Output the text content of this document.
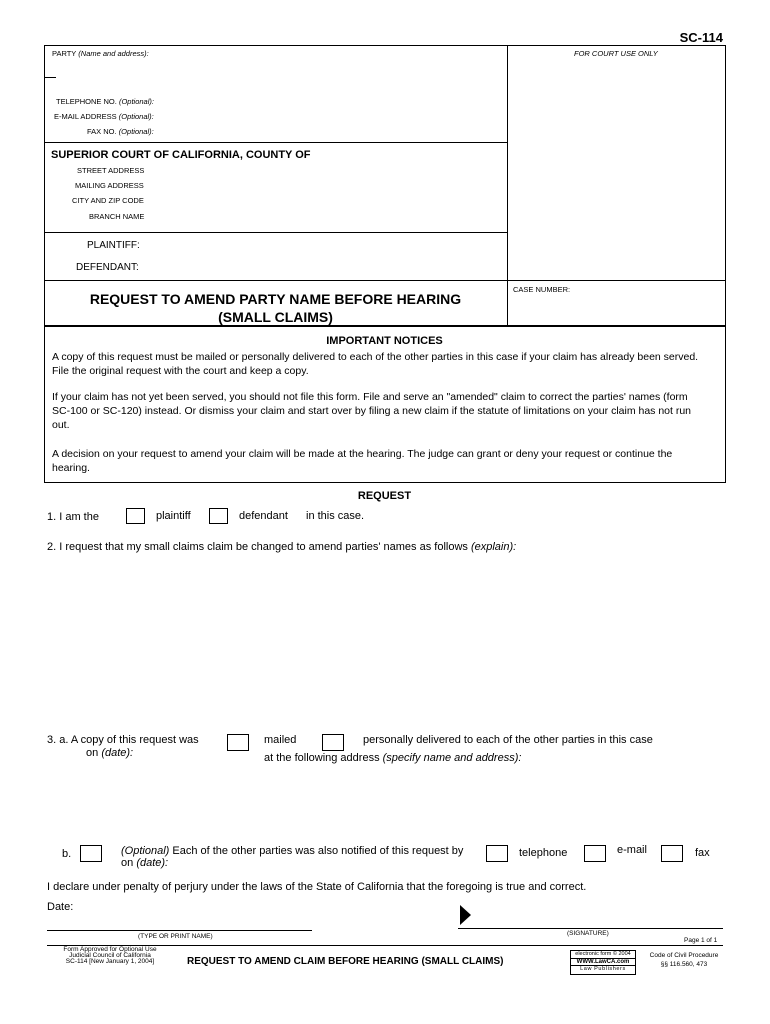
SC-114
PARTY (Name and address):	FOR COURT USE ONLY
TELEPHONE NO. (Optional):
E-MAIL ADDRESS (Optional):
FAX NO. (Optional):
SUPERIOR COURT OF CALIFORNIA, COUNTY OF
STREET ADDRESS
MAILING ADDRESS
CITY AND ZIP CODE
BRANCH NAME
PLAINTIFF:
DEFENDANT:
REQUEST TO AMEND PARTY NAME BEFORE HEARING
(SMALL CLAIMS)
CASE NUMBER:
IMPORTANT NOTICES
A copy of this request must be mailed or personally delivered to each of the other parties in this case if your claim has already been served. File the original request with the court and keep a copy.
If your claim has not yet been served, you should not file this form. File and serve an "amended" claim to correct the parties' names (form SC-100 or SC-120) instead. Or dismiss your claim and start over by filing a new claim if the statute of limitations on your claim has not run out.
A decision on your request to amend your claim will be made at the hearing. The judge can grant or deny your request or continue the hearing.
REQUEST
1. I am the	plaintiff	defendant in this case.
2. I request that my small claims claim be changed to amend parties' names as follows (explain):
3. a. A copy of this request was
on (date):
mailed	personally delivered to each of the other parties in this case
at the following address (specify name and address):
b.	(Optional) Each of the other parties was also notified of this request by
on (date):
telephone	e-mail	fax
I declare under penalty of perjury under the laws of the State of California that the foregoing is true and correct.
Date:
(TYPE OR PRINT NAME)	(SIGNATURE)
Page 1 of 1
Form Approved for Optional Use
Judicial Council of California
SC-114 [New January 1, 2004]	REQUEST TO AMEND CLAIM BEFORE HEARING (SMALL CLAIMS)
electronic form © 2004
WWW.LawCA.com
Law Publishers
Code of Civil Procedure
§§ 116.560, 473
